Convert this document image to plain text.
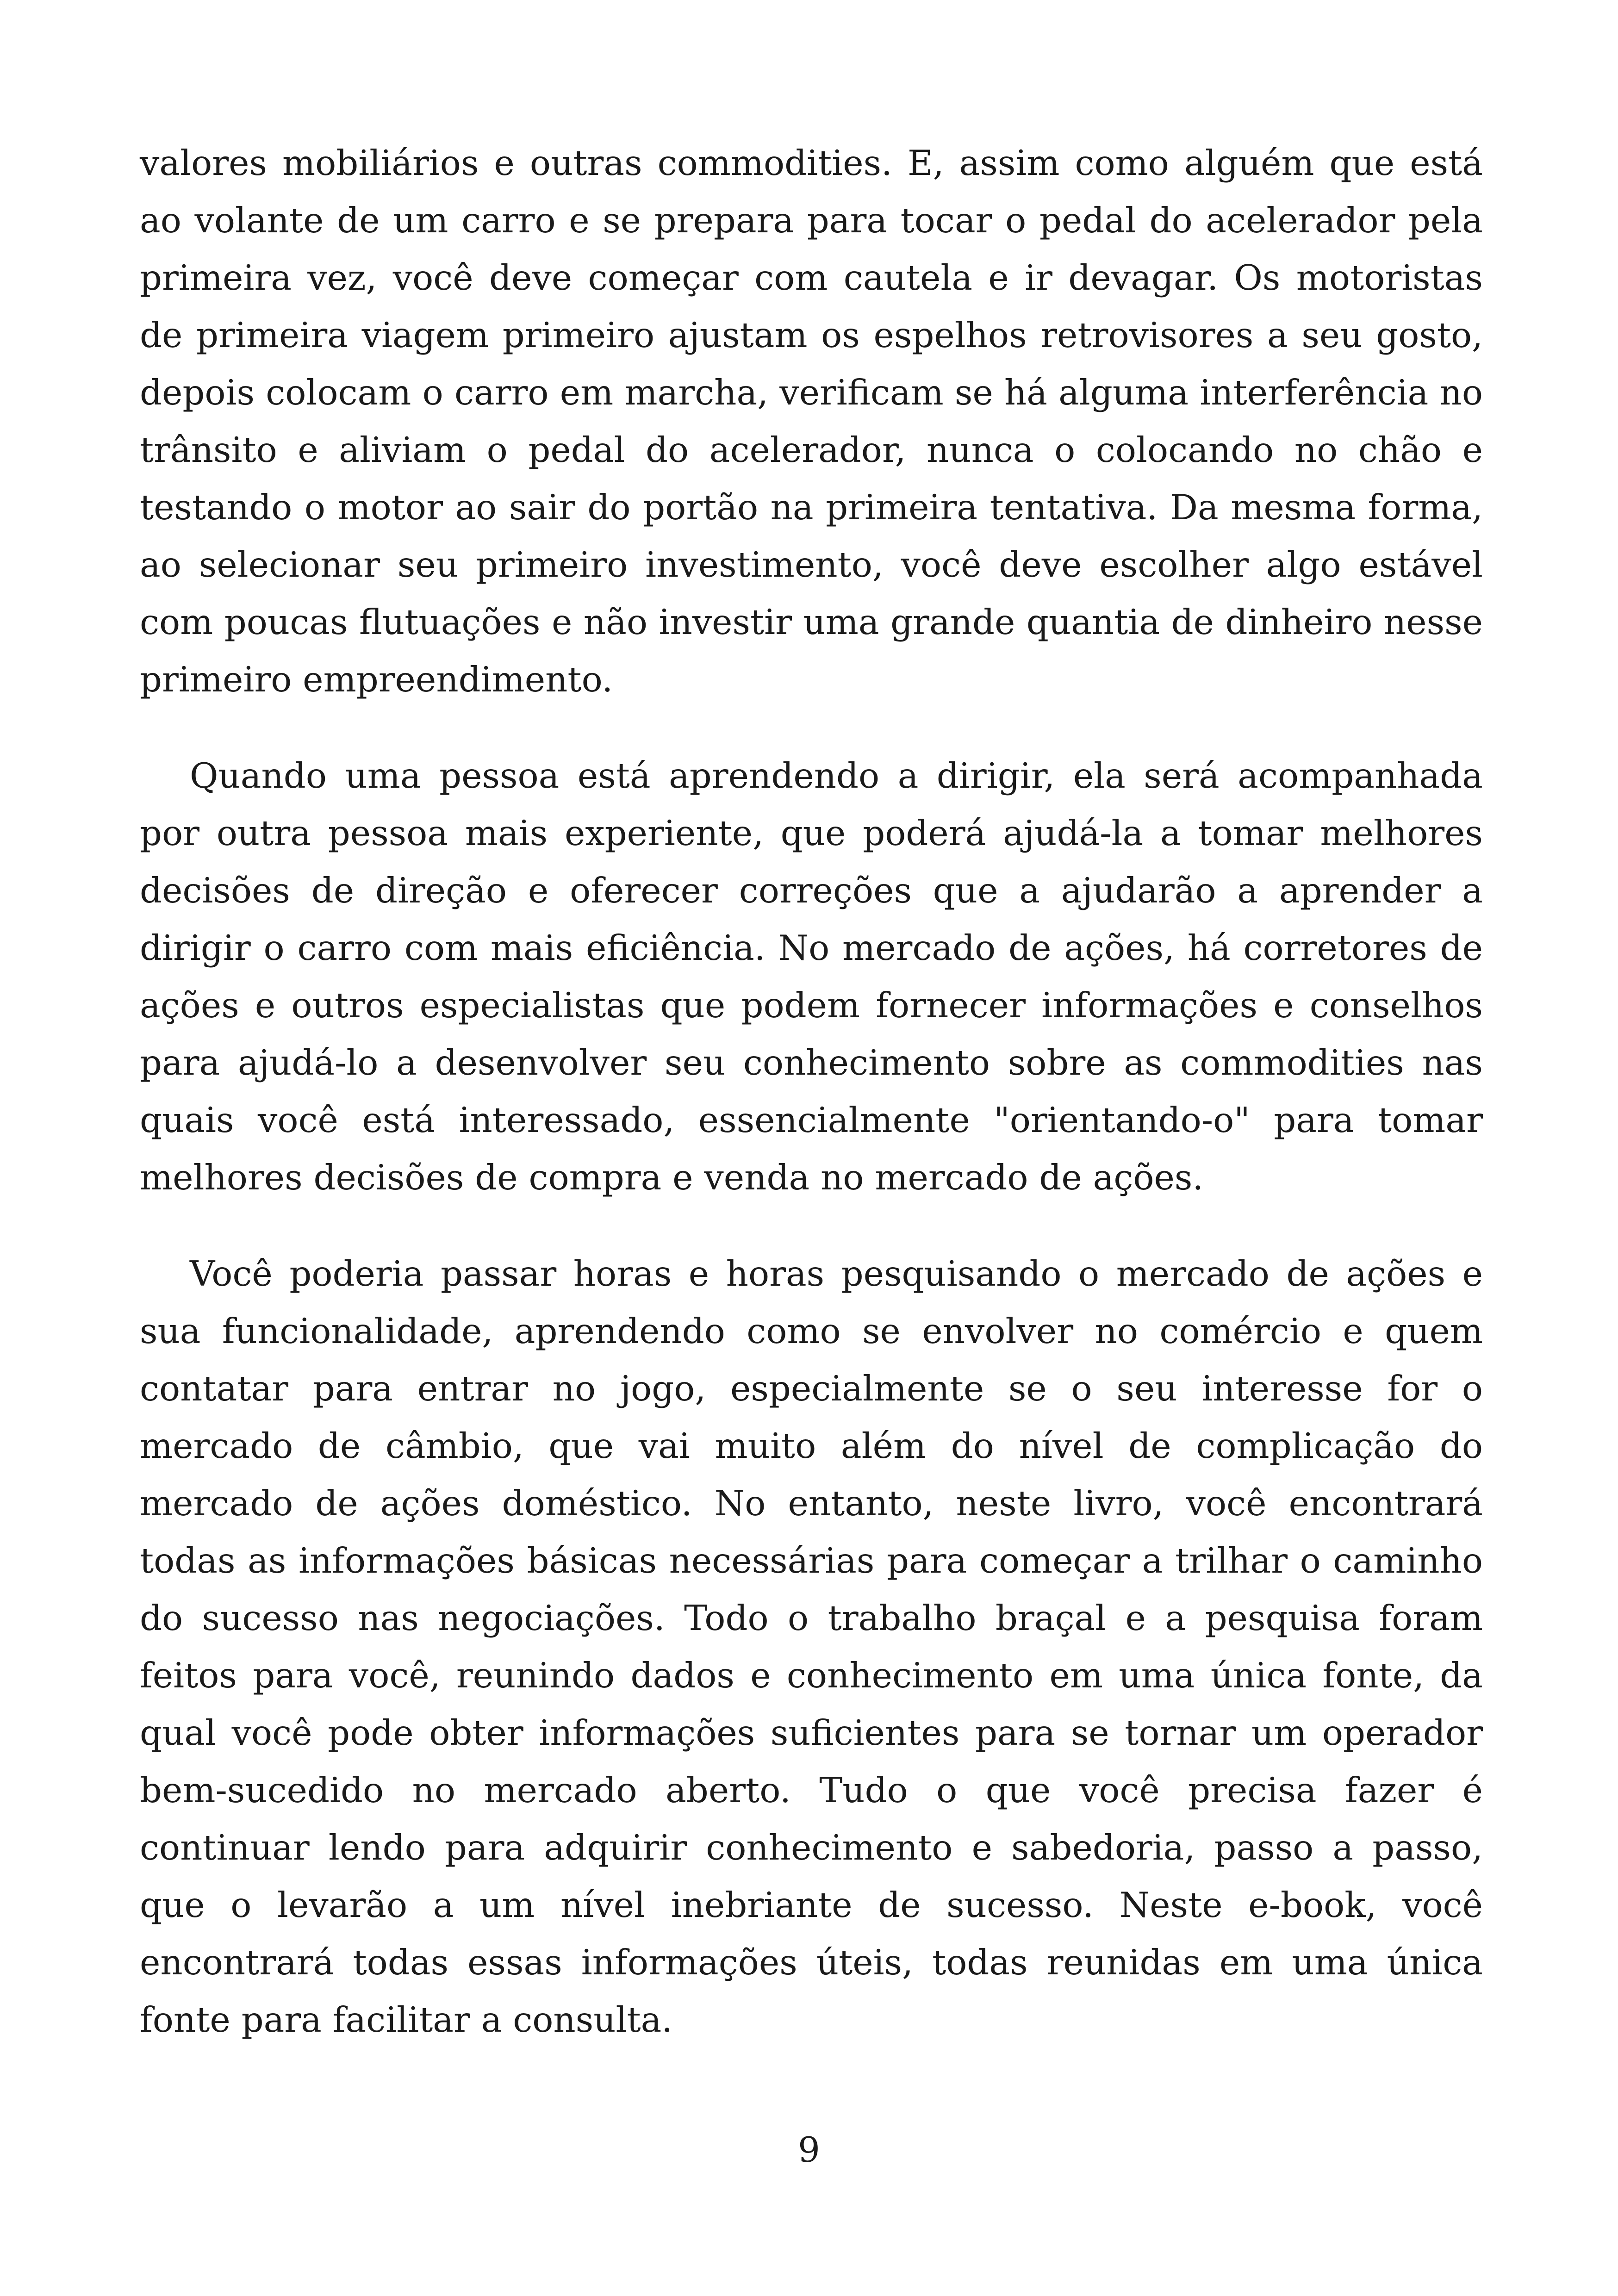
valores mobiliários e outras commodities. E, assim como alguém que está ao volante de um carro e se prepara para tocar o pedal do acelerador pela primeira vez, você deve começar com cautela e ir devagar. Os motoristas de primeira viagem primeiro ajustam os espelhos retrovisores a seu gosto, depois colocam o carro em marcha, verificam se há alguma interferência no trânsito e aliviam o pedal do acelerador, nunca o colocando no chão e testando o motor ao sair do portão na primeira tentativa. Da mesma forma, ao selecionar seu primeiro investimento, você deve escolher algo estável com poucas flutuações e não investir uma grande quantia de dinheiro nesse primeiro empreendimento.

Quando uma pessoa está aprendendo a dirigir, ela será acompanhada por outra pessoa mais experiente, que poderá ajudá-la a tomar melhores decisões de direção e oferecer correções que a ajudarão a aprender a dirigir o carro com mais eficiência. No mercado de ações, há corretores de ações e outros especialistas que podem fornecer informações e conselhos para ajudá-lo a desenvolver seu conhecimento sobre as commodities nas quais você está interessado, essencialmente "orientando-o" para tomar melhores decisões de compra e venda no mercado de ações.

Você poderia passar horas e horas pesquisando o mercado de ações e sua funcionalidade, aprendendo como se envolver no comércio e quem contatar para entrar no jogo, especialmente se o seu interesse for o mercado de câmbio, que vai muito além do nível de complicação do mercado de ações doméstico. No entanto, neste livro, você encontrará todas as informações básicas necessárias para começar a trilhar o caminho do sucesso nas negociações. Todo o trabalho braçal e a pesquisa foram feitos para você, reunindo dados e conhecimento em uma única fonte, da qual você pode obter informações suficientes para se tornar um operador bem-sucedido no mercado aberto. Tudo o que você precisa fazer é continuar lendo para adquirir conhecimento e sabedoria, passo a passo, que o levarão a um nível inebriante de sucesso. Neste e-book, você encontrará todas essas informações úteis, todas reunidas em uma única fonte para facilitar a consulta.

9
